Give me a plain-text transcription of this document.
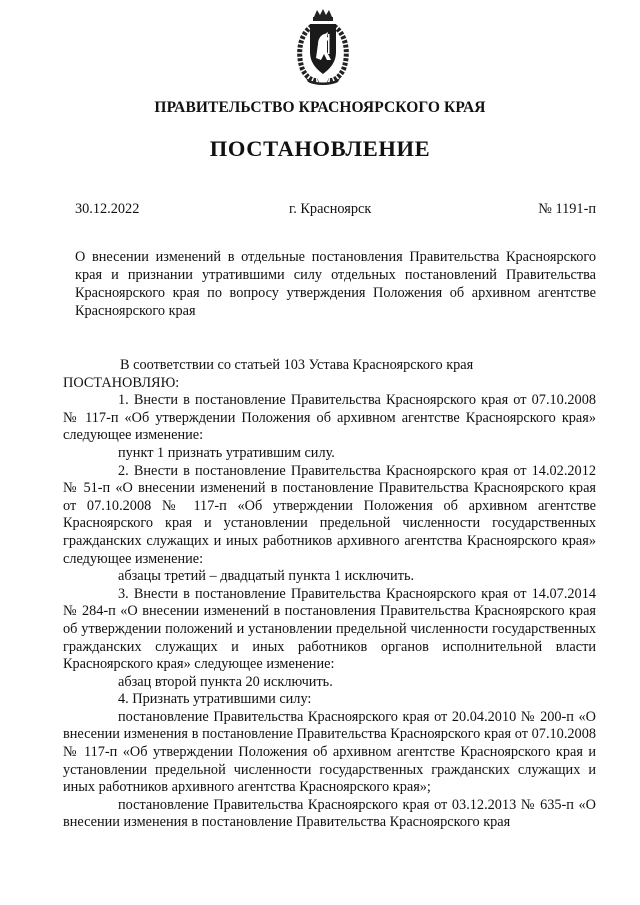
ПРАВИТЕЛЬСТВО КРАСНОЯРСКОГО КРАЯ
ПОСТАНОВЛЕНИЕ
30.12.2022	г. Красноярск	№ 1191-п
О внесении изменений в отдельные постановления Правительства Красноярского края и признании утратившими силу отдельных постановлений Правительства Красноярского края по вопросу утверждения Положения об архивном агентстве Красноярского края

В соответствии со статьей 103 Устава Красноярского края

ПОСТАНОВЛЯЮ:

1. Внести в постановление Правительства Красноярского края от 07.10.2008 № 117-п «Об утверждении Положения об архивном агентстве Красноярского края» следующее изменение:

пункт 1 признать утратившим силу.

2. Внести в постановление Правительства Красноярского края от 14.02.2012 № 51-п «О внесении изменений в постановление Правительства Красноярского края от 07.10.2008 № 117-п «Об утверждении Положения об архивном агентстве Красноярского края и установлении предельной численности государственных гражданских служащих и иных работников архивного агентства Красноярского края» следующее изменение:

абзацы третий – двадцатый пункта 1 исключить.

3. Внести в постановление Правительства Красноярского края от 14.07.2014 № 284-п «О внесении изменений в постановления Правительства Красноярского края об утверждении положений и установлении предельной численности государственных гражданских служащих и иных работников органов исполнительной власти Красноярского края» следующее изменение:

абзац второй пункта 20 исключить.

4. Признать утратившими силу:

постановление Правительства Красноярского края от 20.04.2010 № 200-п «О внесении изменения в постановление Правительства Красноярского края от 07.10.2008 № 117-п «Об утверждении Положения об архивном агентстве Красноярского края и установлении предельной численности государственных гражданских служащих и иных работников архивного агентства Красноярского края»;

постановление Правительства Красноярского края от 03.12.2013 № 635-п «О внесении изменения в постановление Правительства Красноярского края
